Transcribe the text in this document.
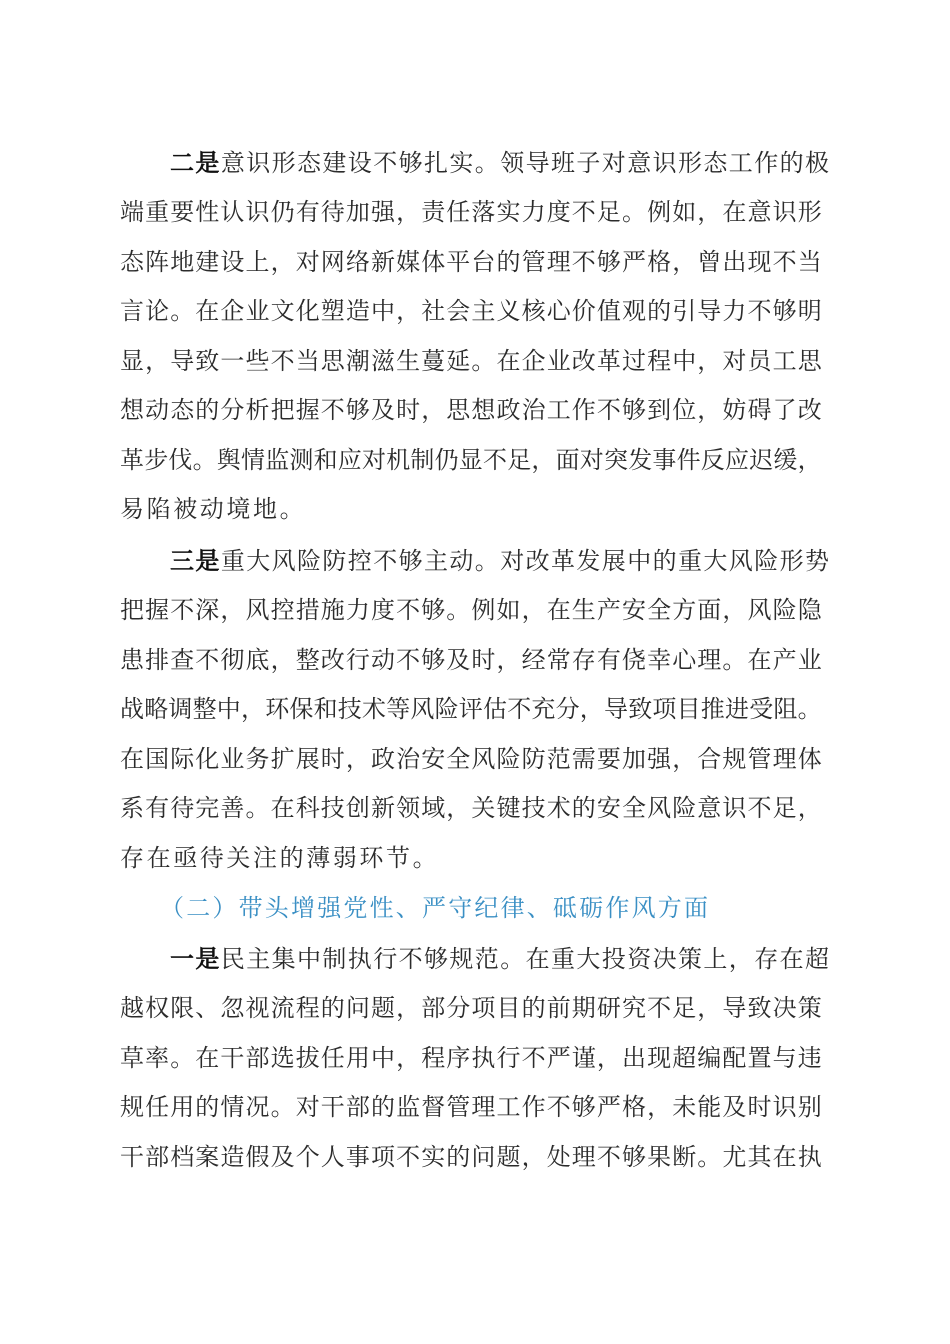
二是意识形态建设不够扎实。领导班子对意识形态工作的极
端重要性认识仍有待加强，责任落实力度不足。例如，在意识形
态阵地建设上，对网络新媒体平台的管理不够严格，曾出现不当
言论。在企业文化塑造中，社会主义核心价值观的引导力不够明
显，导致一些不当思潮滋生蔓延。在企业改革过程中，对员工思
想动态的分析把握不够及时，思想政治工作不够到位，妨碍了改
革步伐。舆情监测和应对机制仍显不足，面对突发事件反应迟缓，
易陷被动境地。
三是重大风险防控不够主动。对改革发展中的重大风险形势
把握不深，风控措施力度不够。例如，在生产安全方面，风险隐
患排查不彻底，整改行动不够及时，经常存有侥幸心理。在产业
战略调整中，环保和技术等风险评估不充分，导致项目推进受阻。
在国际化业务扩展时，政治安全风险防范需要加强，合规管理体
系有待完善。在科技创新领域，关键技术的安全风险意识不足，
存在亟待关注的薄弱环节。
（二）带头增强党性、严守纪律、砥砺作风方面
一是民主集中制执行不够规范。在重大投资决策上，存在超
越权限、忽视流程的问题，部分项目的前期研究不足，导致决策
草率。在干部选拔任用中，程序执行不严谨，出现超编配置与违
规任用的情况。对干部的监督管理工作不够严格，未能及时识别
干部档案造假及个人事项不实的问题，处理不够果断。尤其在执
